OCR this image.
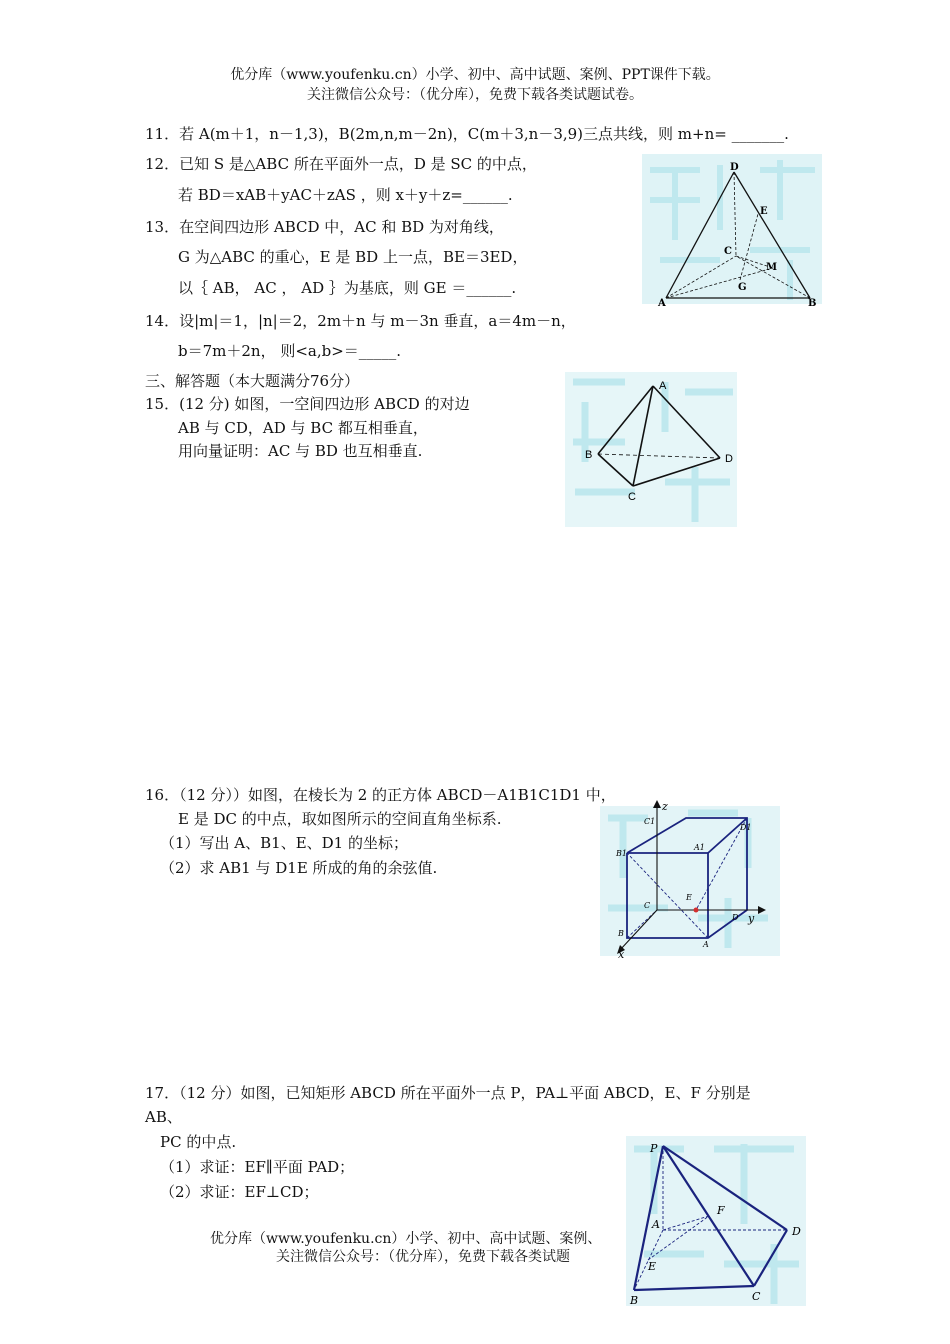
优分库（www.youfenku.cn）小学、初中、高中试题、案例、PPT课件下载。
关注微信公众号：（优分库），免费下载各类试题试卷。
11．若 A(m＋1，n－1,3)，B(2m,n,m－2n)，C(m＋3,n－3,9)三点共线，则 m+n= _______.
12．已知 S 是△ABC 所在平面外一点，D 是 SC 的中点，
若 BD＝xAB＋yAC＋zAS ，则 x＋y＋z=______.
13．在空间四边形 ABCD 中，AC 和 BD 为对角线，
G 为△ABC 的重心，E 是 BD 上一点，BE＝3ED，
以｛ AB， AC ， AD ｝为基底，则 GE ＝______.
14．设|m|＝1，|n|＝2，2m＋n 与 m－3n 垂直，a＝4m－n，
b＝7m＋2n， 则<a,b>＝_____.
三、解答题（本大题满分76分）
15．(12 分) 如图，一空间四边形 ABCD 的对边
AB 与 CD，AD 与 BC 都互相垂直，
用向量证明：AC 与 BD 也互相垂直.
16．（12 分））如图，在棱长为 2 的正方体 ABCD－A1B1C1D1 中，
E 是 DC 的中点，取如图所示的空间直角坐标系.
（1）写出 A、B1、E、D1 的坐标；
（2）求 AB1 与 D1E 所成的角的余弦值.
17．（12 分）如图，已知矩形 ABCD 所在平面外一点 P，PA⊥平面 ABCD，E、F 分别是
AB、
PC 的中点.
（1）求证：EF∥平面 PAD；
（2）求证：EF⊥CD；
优分库（www.youfenku.cn）小学、初中、高中试题、案例、
关注微信公众号：（优分库），免费下载各类试题
D
E
C
M
G
A	B
A
B
C
D
z
y
x
C1
D1
B1
A1
C
E
D
B
A
P
A
F
D
E
B	C
